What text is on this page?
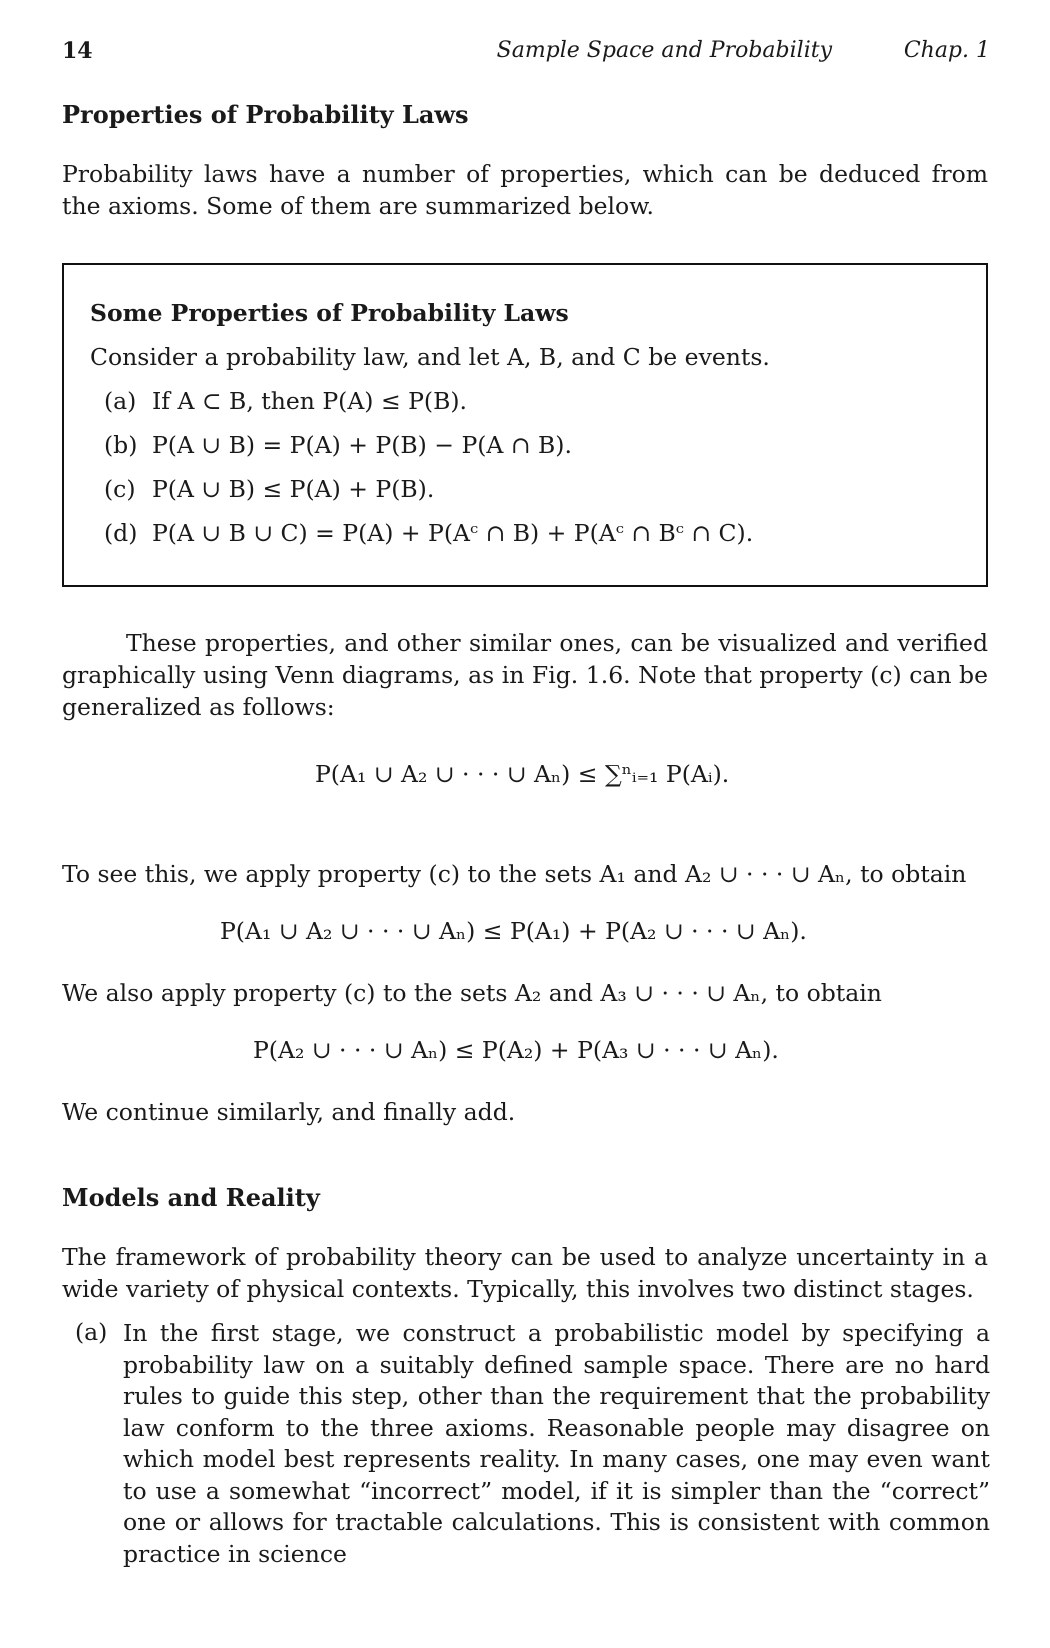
14	Sample Space and Probability	Chap. 1
Properties of Probability Laws

Probability laws have a number of properties, which can be deduced from the axioms. Some of them are summarized below.

Some Properties of Probability Laws

Consider a probability law, and let A, B, and C be events.

(a) If A ⊂ B, then P(A) ≤ P(B).

(b) P(A ∪ B) = P(A) + P(B) − P(A ∩ B).

(c) P(A ∪ B) ≤ P(A) + P(B).

(d) P(A ∪ B ∪ C) = P(A) + P(Aᶜ ∩ B) + P(Aᶜ ∩ Bᶜ ∩ C).

These properties, and other similar ones, can be visualized and verified graphically using Venn diagrams, as in Fig. 1.6. Note that property (c) can be generalized as follows:

P(A₁ ∪ A₂ ∪ · · · ∪ Aₙ) ≤ ∑ⁿᵢ₌₁ P(Aᵢ).

To see this, we apply property (c) to the sets A₁ and A₂ ∪ · · · ∪ Aₙ, to obtain

P(A₁ ∪ A₂ ∪ · · · ∪ Aₙ) ≤ P(A₁) + P(A₂ ∪ · · · ∪ Aₙ).

We also apply property (c) to the sets A₂ and A₃ ∪ · · · ∪ Aₙ, to obtain

P(A₂ ∪ · · · ∪ Aₙ) ≤ P(A₂) + P(A₃ ∪ · · · ∪ Aₙ).

We continue similarly, and finally add.

Models and Reality

The framework of probability theory can be used to analyze uncertainty in a wide variety of physical contexts. Typically, this involves two distinct stages.

(a) In the first stage, we construct a probabilistic model by specifying a probability law on a suitably defined sample space. There are no hard rules to guide this step, other than the requirement that the probability law conform to the three axioms. Reasonable people may disagree on which model best represents reality. In many cases, one may even want to use a somewhat “incorrect” model, if it is simpler than the “correct” one or allows for tractable calculations. This is consistent with common practice in science
